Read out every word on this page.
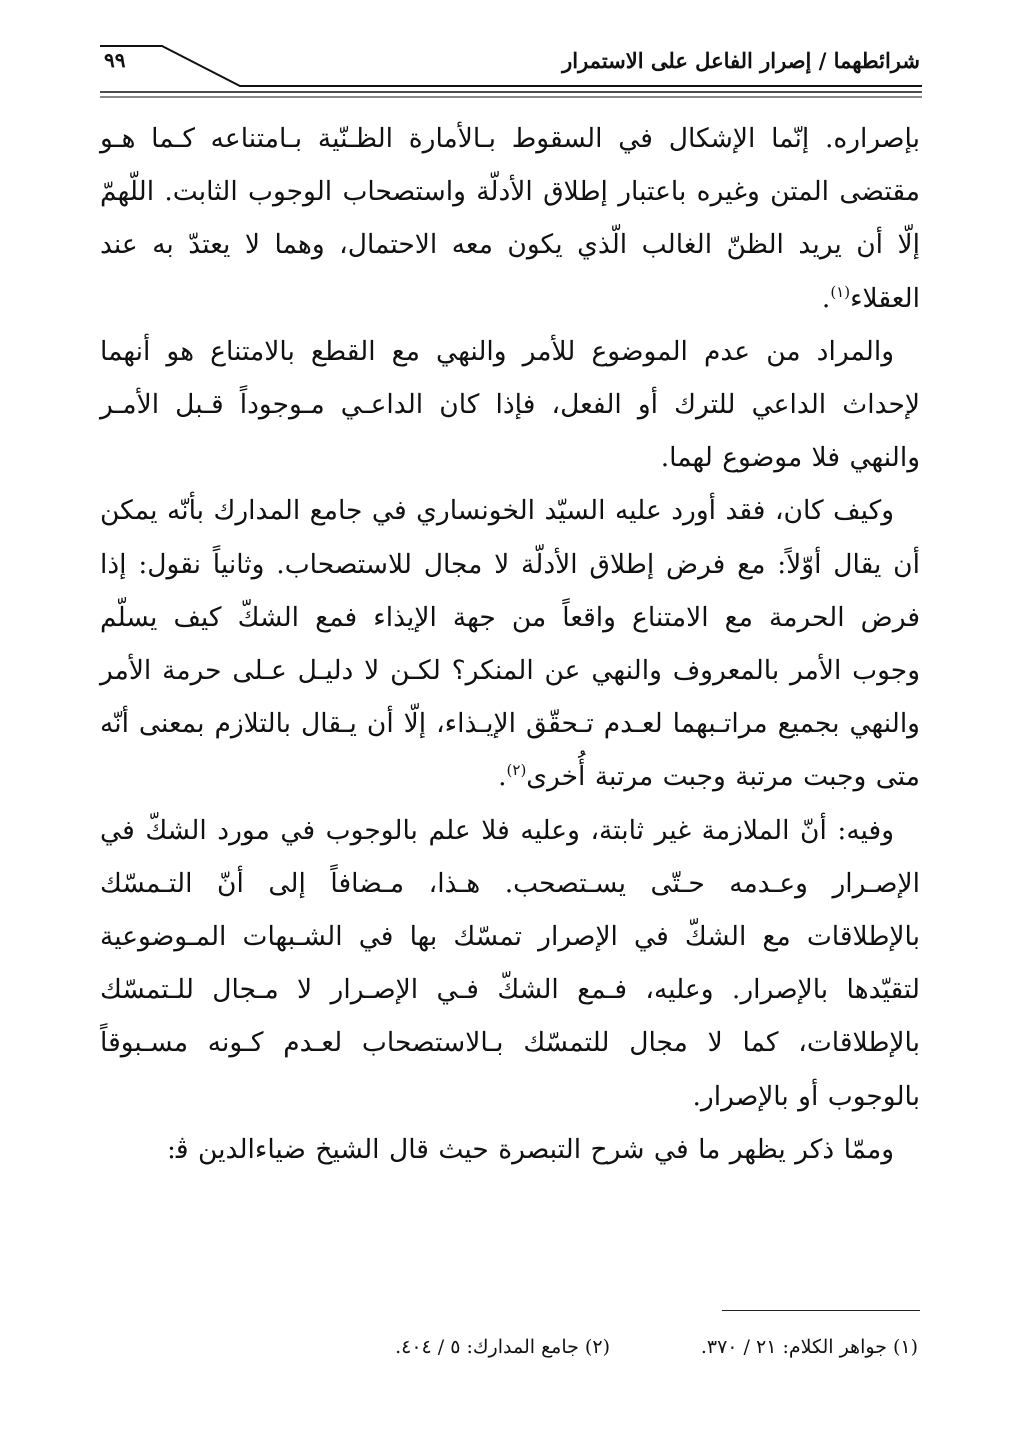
شرائطهما / إصرار الفاعل على الاستمرار
٩٩

بإصراره. إنّما الإشكال في السقوط بـالأمارة الظـنّية بـامتناعه كـما هـو مقتضى المتن وغيره باعتبار إطلاق الأدلّة واستصحاب الوجوب الثابت. اللّهمّ إلّا أن يريد الظنّ الغالب الّذي يكون معه الاحتمال، وهما لا يعتدّ به عند العقلاء$^{(١)}$.

والمراد من عدم الموضوع للأمر والنهي مع القطع بالامتناع هو أنهما لإحداث الداعي للترك أو الفعل، فإذا كان الداعـي مـوجوداً قـبل الأمـر والنهي فلا موضوع لهما.

وكيف كان، فقد أورد عليه السيّد الخونساري في جامع المدارك بأنّه يمكن أن يقال أوّلاً: مع فرض إطلاق الأدلّة لا مجال للاستصحاب. وثانياً نقول: إذا فرض الحرمة مع الامتناع واقعاً من جهة الإيذاء فمع الشكّ كيف يسلّم وجوب الأمر بالمعروف والنهي عن المنكر؟ لكـن لا دليـل عـلى حرمة الأمر والنهي بجميع مراتـبهما لعـدم تـحقّق الإيـذاء، إلّا أن يـقال بالتلازم بمعنى أنّه متى وجبت مرتبة وجبت مرتبة أُخرى$^{(٢)}$.

وفيه: أنّ الملازمة غير ثابتة، وعليه فلا علم بالوجوب في مورد الشكّ في الإصـرار وعـدمه حـتّى يسـتصحب. هـذا، مـضافاً إلى أنّ التـمسّك بالإطلاقات مع الشكّ في الإصرار تمسّك بها في الشـبهات المـوضوعية لتقيّدها بالإصرار. وعليه، فـمع الشكّ فـي الإصـرار لا مـجال للـتمسّك بالإطلاقات، كما لا مجال للتمسّك بـالاستصحاب لعـدم كـونه مسـبوقاً بالوجوب أو بالإصرار.

وممّا ذكر يظهر ما في شرح التبصرة حيث قال الشيخ ضياءالدين ﭬ:

(١) جواهر الكلام: ٢١ / ٣٧٠.
(٢) جامع المدارك: ٥ / ٤٠٤.
